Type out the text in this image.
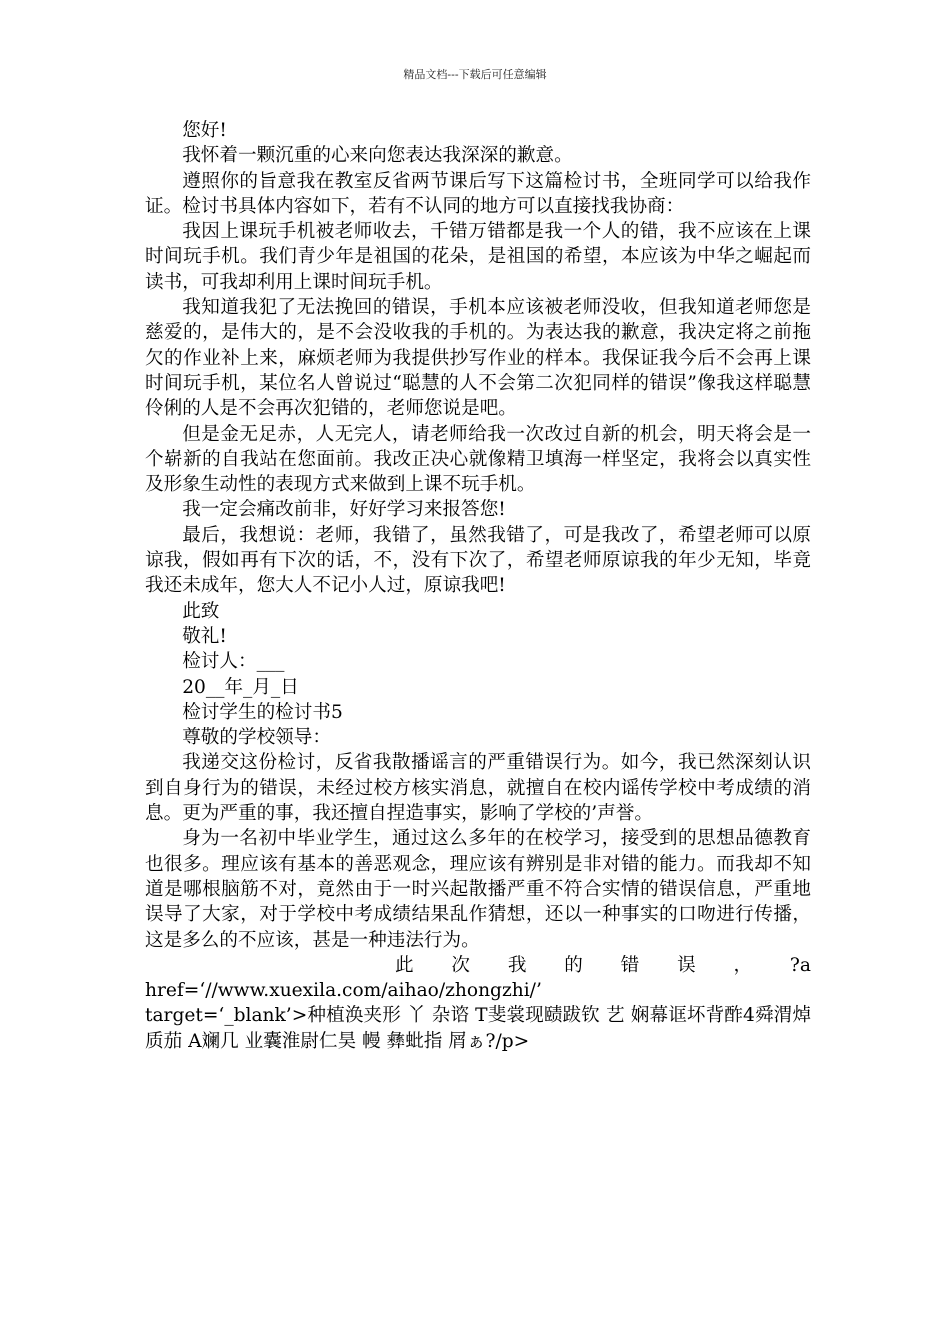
精品文档---下载后可任意编辑

您好!

我怀着一颗沉重的心来向您表达我深深的歉意。

遵照你的旨意我在教室反省两节课后写下这篇检讨书，全班同学可以给我作证。检讨书具体内容如下，若有不认同的地方可以直接找我协商：

我因上课玩手机被老师收去，千错万错都是我一个人的错，我不应该在上课时间玩手机。我们青少年是祖国的花朵，是祖国的希望，本应该为中华之崛起而读书，可我却利用上课时间玩手机。

我知道我犯了无法挽回的错误，手机本应该被老师没收，但我知道老师您是慈爱的，是伟大的，是不会没收我的手机的。为表达我的歉意，我决定将之前拖欠的作业补上来，麻烦老师为我提供抄写作业的样本。我保证我今后不会再上课时间玩手机，某位名人曾说过“聪慧的人不会第二次犯同样的错误”像我这样聪慧伶俐的人是不会再次犯错的，老师您说是吧。

但是金无足赤，人无完人，请老师给我一次改过自新的机会，明天将会是一个崭新的自我站在您面前。我改正决心就像精卫填海一样坚定，我将会以真实性及形象生动性的表现方式来做到上课不玩手机。

我一定会痛改前非，好好学习来报答您!

最后，我想说：老师，我错了，虽然我错了，可是我改了，希望老师可以原谅我，假如再有下次的话，不，没有下次了，希望老师原谅我的年少无知，毕竟我还未成年，您大人不记小人过，原谅我吧!

此致

敬礼!

检讨人：___

20__年_月_日

检讨学生的检讨书5

尊敬的学校领导：

我递交这份检讨，反省我散播谣言的严重错误行为。如今，我已然深刻认识到自身行为的错误，未经过校方核实消息，就擅自在校内谣传学校中考成绩的消息。更为严重的事，我还擅自捏造事实，影响了学校的’声誉。

身为一名初中毕业学生，通过这么多年的在校学习，接受到的思想品德教育也很多。理应该有基本的善恶观念，理应该有辨别是非对错的能力。而我却不知道是哪根脑筋不对，竟然由于一时兴起散播严重不符合实情的错误信息，严重地误导了大家，对于学校中考成绩结果乱作猜想，还以一种事实的口吻进行传播，这是多么的不应该，甚是一种违法行为。

此 次 我 的 错 误 ， ?a

href=‘//www.xuexila.com/aihao/zhongzhi/’

target=‘_blank’>种植涣夹形 丫 杂谘 T斐裳现赜跋钦 艺 娴幕诓坏背酢4舜渭焯质茄 A斓几 业囊淮尉仁昊 幔 彝蚍指 屑ぁ?/p>
